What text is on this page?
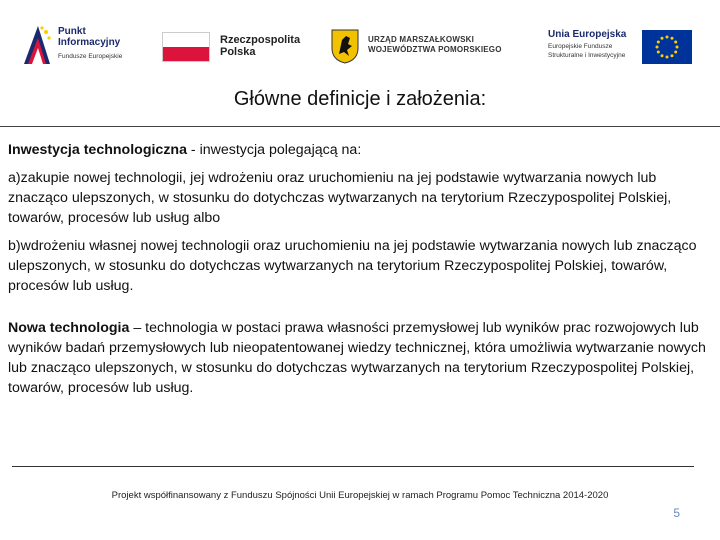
Punkt
Informacyjny
Fundusze Europejskie
Rzeczpospolita
Polska
URZĄD MARSZAŁKOWSKI
WOJEWÓDZTWA POMORSKIEGO
Unia Europejska
Europejskie Fundusze
Strukturalne i Inwestycyjne
Główne definicje i założenia:

Inwestycja technologiczna - inwestycja polegającą na:

a)zakupie nowej technologii, jej wdrożeniu oraz uruchomieniu na jej podstawie wytwarzania nowych lub znacząco ulepszonych, w stosunku do dotychczas wytwarzanych na terytorium Rzeczypospolitej Polskiej, towarów, procesów lub usług albo

b)wdrożeniu własnej nowej technologii oraz uruchomieniu na jej podstawie wytwarzania nowych lub znacząco ulepszonych, w stosunku do dotychczas wytwarzanych na terytorium Rzeczypospolitej Polskiej, towarów, procesów lub usług.

Nowa technologia – technologia w postaci prawa własności przemysłowej lub wyników prac rozwojowych lub wyników badań przemysłowych lub nieopatentowanej wiedzy technicznej, która umożliwia wytwarzanie nowych lub znacząco ulepszonych, w stosunku do dotychczas wytwarzanych na terytorium Rzeczypospolitej Polskiej, towarów, procesów lub usług.

Projekt współfinansowany z Funduszu Spójności Unii Europejskiej w ramach Programu Pomoc Techniczna 2014-2020
5
